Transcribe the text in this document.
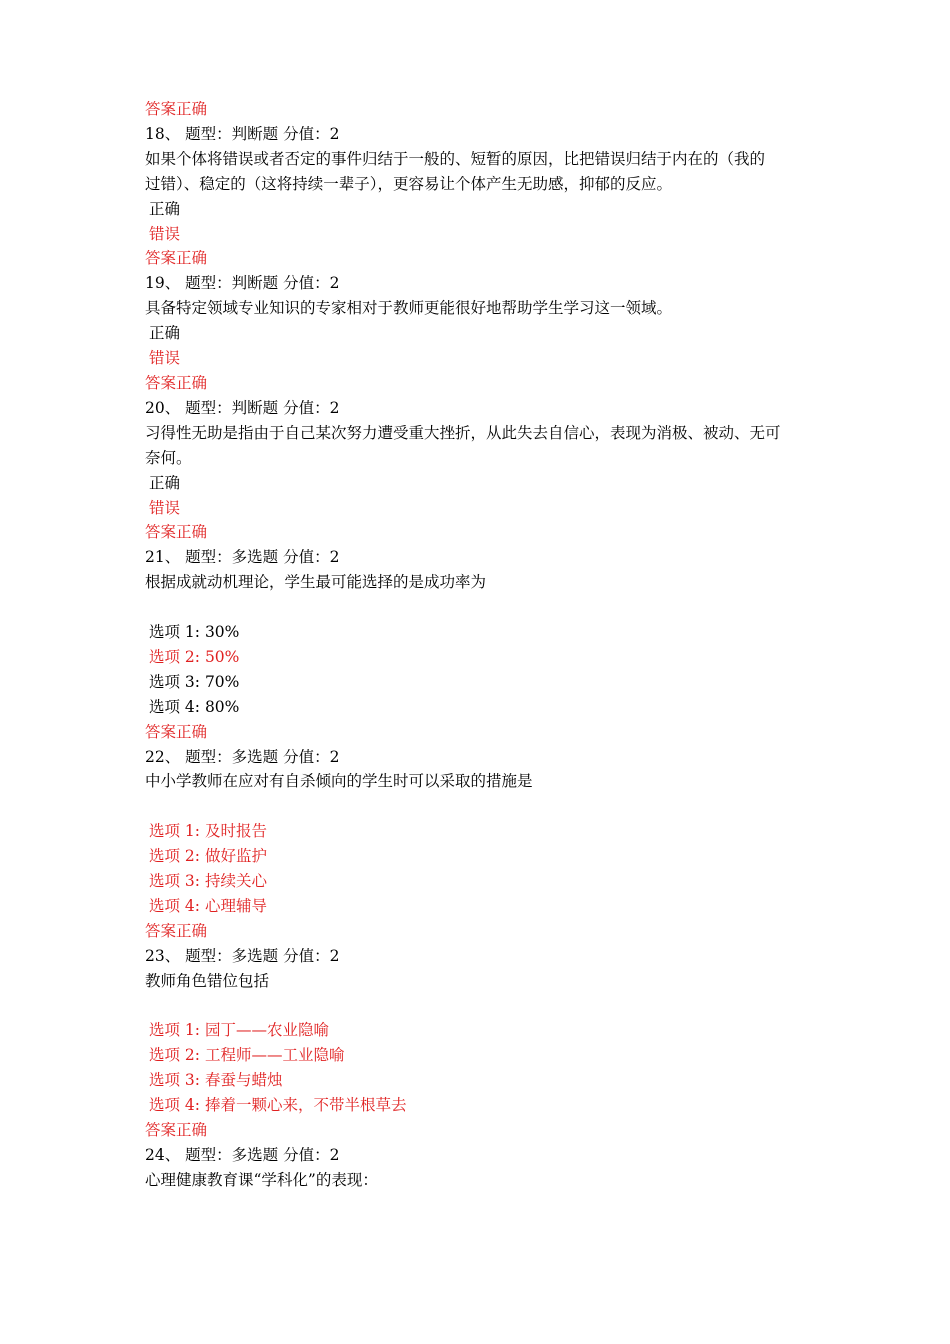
答案正确

18、 题型：判断题 分值：2

如果个体将错误或者否定的事件归结于一般的、短暂的原因，比把错误归结于内在的（我的

过错）、稳定的（这将持续一辈子），更容易让个体产生无助感，抑郁的反应。

正确

错误

答案正确

19、 题型：判断题 分值：2

具备特定领域专业知识的专家相对于教师更能很好地帮助学生学习这一领域。

正确

错误

答案正确

20、 题型：判断题 分值：2

习得性无助是指由于自己某次努力遭受重大挫折，从此失去自信心，表现为消极、被动、无可

奈何。

正确

错误

答案正确

21、 题型：多选题 分值：2

根据成就动机理论，学生最可能选择的是成功率为

选项 1: 30%

选项 2: 50%

选项 3: 70%

选项 4: 80%

答案正确

22、 题型：多选题 分值：2

中小学教师在应对有自杀倾向的学生时可以采取的措施是

选项 1: 及时报告

选项 2: 做好监护

选项 3: 持续关心

选项 4: 心理辅导

答案正确

23、 题型：多选题 分值：2

教师角色错位包括

选项 1: 园丁——农业隐喻

选项 2: 工程师——工业隐喻

选项 3: 春蚕与蜡烛

选项 4: 捧着一颗心来，不带半根草去

答案正确

24、 题型：多选题 分值：2

心理健康教育课“学科化”的表现：
